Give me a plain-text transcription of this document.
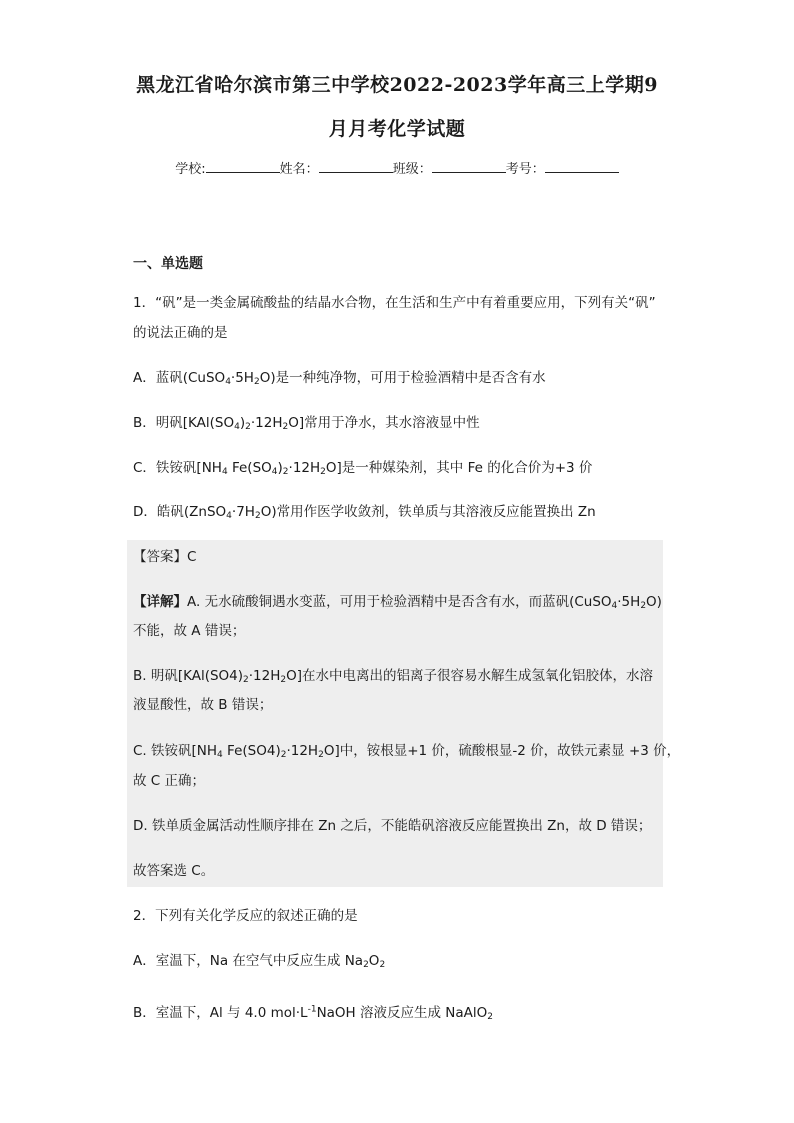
黑龙江省哈尔滨市第三中学校2022-2023学年高三上学期9
月月考化学试题
学校:	姓名：	班级：	考号：
一、单选题
1．“矾”是一类金属硫酸盐的结晶水合物，在生活和生产中有着重要应用，下列有关“矾”
的说法正确的是
A．蓝矾$(CuSO_4\cdot 5H_2O)$是一种纯净物，可用于检验酒精中是否含有水
B．明矾$[KAl(SO_4)_2\cdot 12H_2O]$常用于净水，其水溶液显中性
C．铁铵矾[$NH_4$ $Fe(SO_4)_2\cdot 12H_2O$]是一种媒染剂，其中 Fe 的化合价为+3 价
D．皓矾$(ZnSO_4\cdot 7H_2O)$常用作医学收敛剂，铁单质与其溶液反应能置换出 Zn
【答案】C
【详解】A. 无水硫酸铜遇水变蓝，可用于检验酒精中是否含有水，而蓝矾$(CuSO_4\cdot 5H_2O)$
不能，故 A 错误；
B. 明矾$[KAl(SO4)_2\cdot 12H_2O]$在水中电离出的铝离子很容易水解生成氢氧化铝胶体，水溶
液显酸性，故 B 错误；
C. 铁铵矾[$NH_4$ $Fe(SO4)_2\cdot 12H_2O$]中，铵根显+1 价，硫酸根显-2 价，故铁元素显 +3 价，
故 C 正确；
D. 铁单质金属活动性顺序排在 Zn 之后，不能皓矾溶液反应能置换出 Zn，故 D 错误；
故答案选 C。
2．下列有关化学反应的叙述正确的是
A．室温下，Na 在空气中反应生成 $Na_2O_2$
B．室温下，Al 与 4.0 $mol\cdot L^{-1}NaOH$ 溶液反应生成 NaAlO$_2$
